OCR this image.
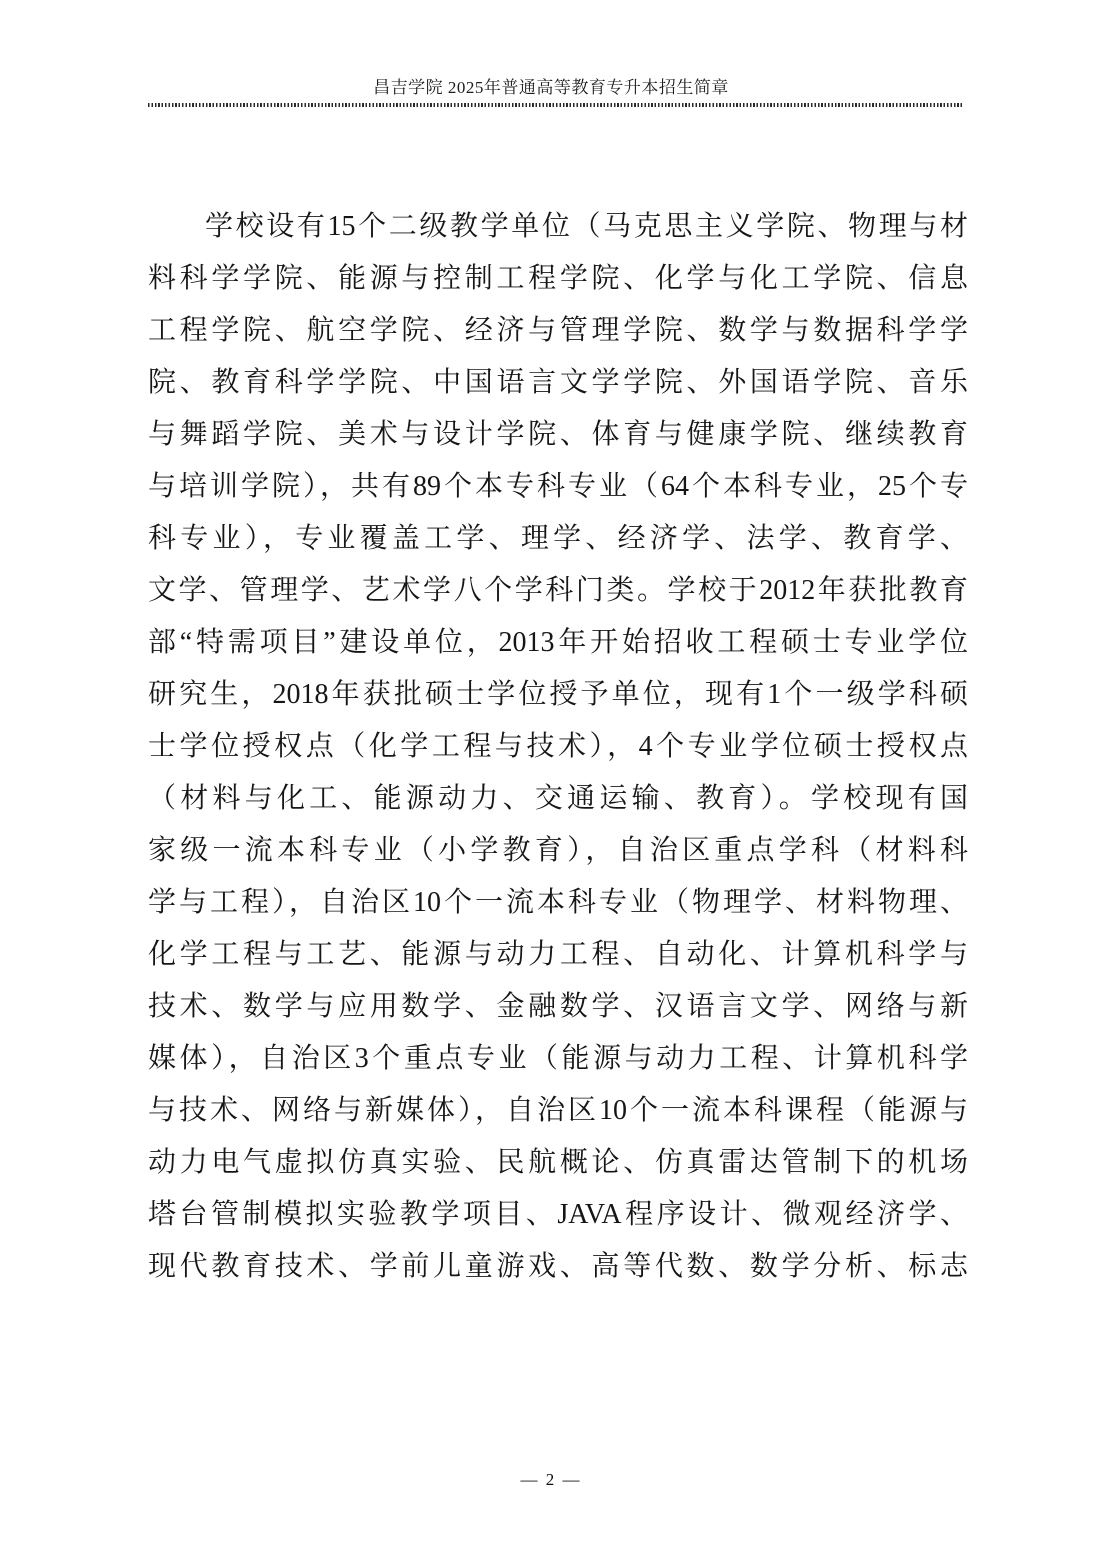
昌吉学院 2025年普通高等教育专升本招生简章
学校设有15个二级教学单位（马克思主义学院、物理与材
料科学学院、能源与控制工程学院、化学与化工学院、信息
工程学院、航空学院、经济与管理学院、数学与数据科学学
院、教育科学学院、中国语言文学学院、外国语学院、音乐
与舞蹈学院、美术与设计学院、体育与健康学院、继续教育
与培训学院），共有89个本专科专业（64个本科专业，25个专
科专业），专业覆盖工学、理学、经济学、法学、教育学、
文学、管理学、艺术学八个学科门类。学校于2012年获批教育
部“特需项目”建设单位，2013年开始招收工程硕士专业学位
研究生，2018年获批硕士学位授予单位，现有1个一级学科硕
士学位授权点（化学工程与技术），4个专业学位硕士授权点
（材料与化工、能源动力、交通运输、教育）。学校现有国
家级一流本科专业（小学教育），自治区重点学科（材料科
学与工程），自治区10个一流本科专业（物理学、材料物理、
化学工程与工艺、能源与动力工程、自动化、计算机科学与
技术、数学与应用数学、金融数学、汉语言文学、网络与新
媒体），自治区3个重点专业（能源与动力工程、计算机科学
与技术、网络与新媒体），自治区10个一流本科课程（能源与
动力电气虚拟仿真实验、民航概论、仿真雷达管制下的机场
塔台管制模拟实验教学项目、JAVA程序设计、微观经济学、
现代教育技术、学前儿童游戏、高等代数、数学分析、标志
— 2 —
